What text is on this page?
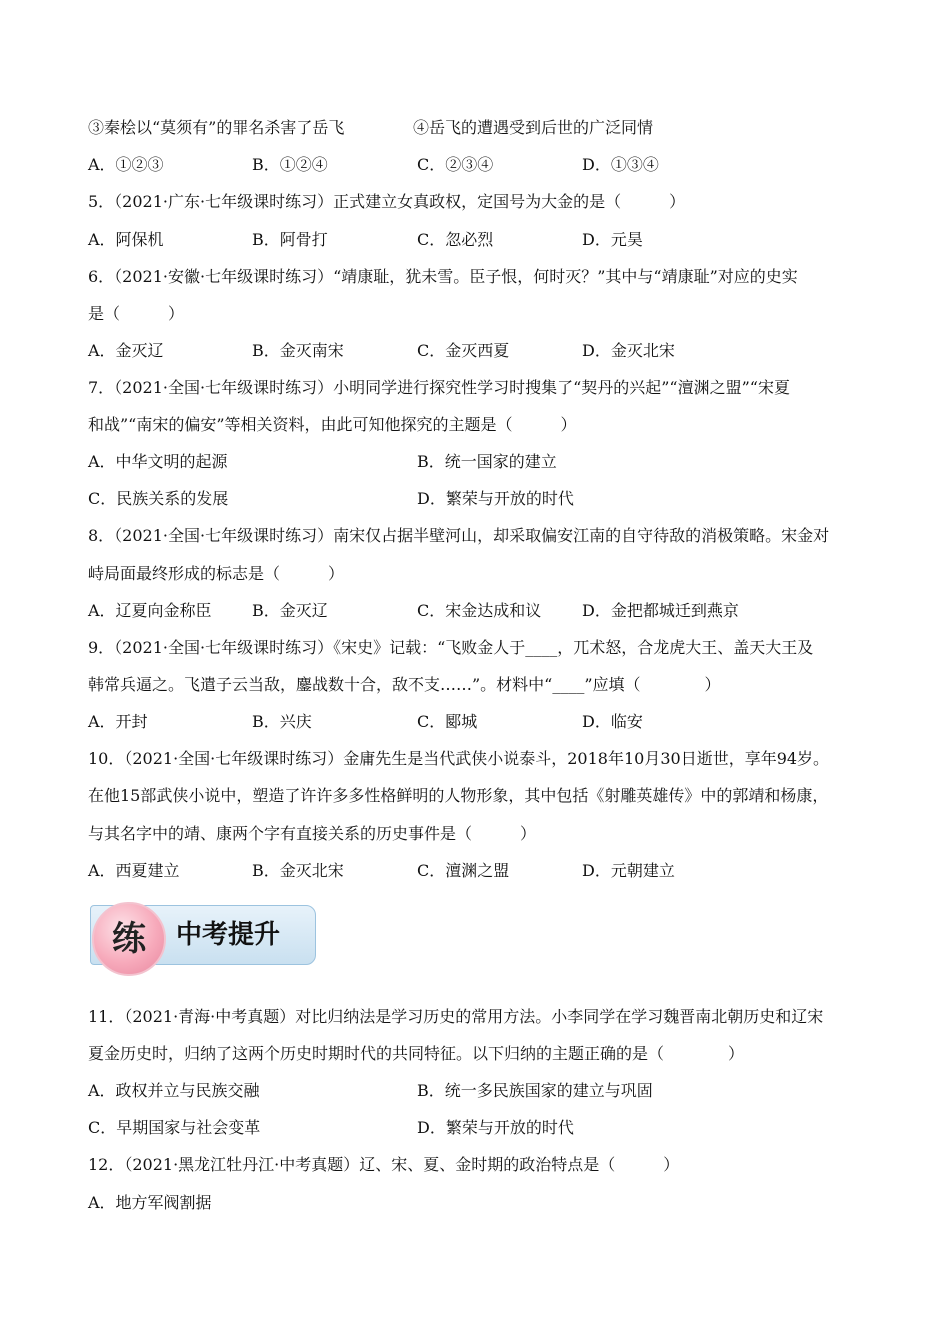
③秦桧以“莫须有”的罪名杀害了岳飞	④岳飞的遭遇受到后世的广泛同情
A．①②③	B．①②④	C．②③④	D．①③④
5．（2021·广东·七年级课时练习）正式建立女真政权，定国号为大金的是（　　　）
A．阿保机	B．阿骨打	C．忽必烈	D．元昊
6．（2021·安徽·七年级课时练习）“靖康耻，犹未雪。臣子恨，何时灭？”其中与“靖康耻”对应的史实
是（　　　）
A．金灭辽	B．金灭南宋	C．金灭西夏	D．金灭北宋
7．（2021·全国·七年级课时练习）小明同学进行探究性学习时搜集了“契丹的兴起”“澶渊之盟”“宋夏
和战”“南宋的偏安”等相关资料，由此可知他探究的主题是（　　　）
A．中华文明的起源	B．统一国家的建立
C．民族关系的发展	D．繁荣与开放的时代
8．（2021·全国·七年级课时练习）南宋仅占据半壁河山，却采取偏安江南的自守待敌的消极策略。宋金对
峙局面最终形成的标志是（　　　）
A．辽夏向金称臣	B．金灭辽	C．宋金达成和议	D．金把都城迁到燕京
9．（2021·全国·七年级课时练习）《宋史》记载：“飞败金人于____，兀术怒，合龙虎大王、盖天大王及
韩常兵逼之。飞遣子云当敌，鏖战数十合，敌不支……”。材料中“____”应填（　　　　）
A．开封	B．兴庆	C．郾城	D．临安
10．（2021·全国·七年级课时练习）金庸先生是当代武侠小说泰斗，2018年10月30日逝世，享年94岁。
在他15部武侠小说中，塑造了许许多多性格鲜明的人物形象，其中包括《射雕英雄传》中的郭靖和杨康，
与其名字中的靖、康两个字有直接关系的历史事件是（　　　）
A．西夏建立	B．金灭北宋	C．澶渊之盟	D．元朝建立
练	中考提升
11．（2021·青海·中考真题）对比归纳法是学习历史的常用方法。小李同学在学习魏晋南北朝历史和辽宋
夏金历史时，归纳了这两个历史时期时代的共同特征。以下归纳的主题正确的是（　　　　）
A．政权并立与民族交融	B．统一多民族国家的建立与巩固
C．早期国家与社会变革	D．繁荣与开放的时代
12．（2021·黑龙江牡丹江·中考真题）辽、宋、夏、金时期的政治特点是（　　　）
A．地方军阀割据
